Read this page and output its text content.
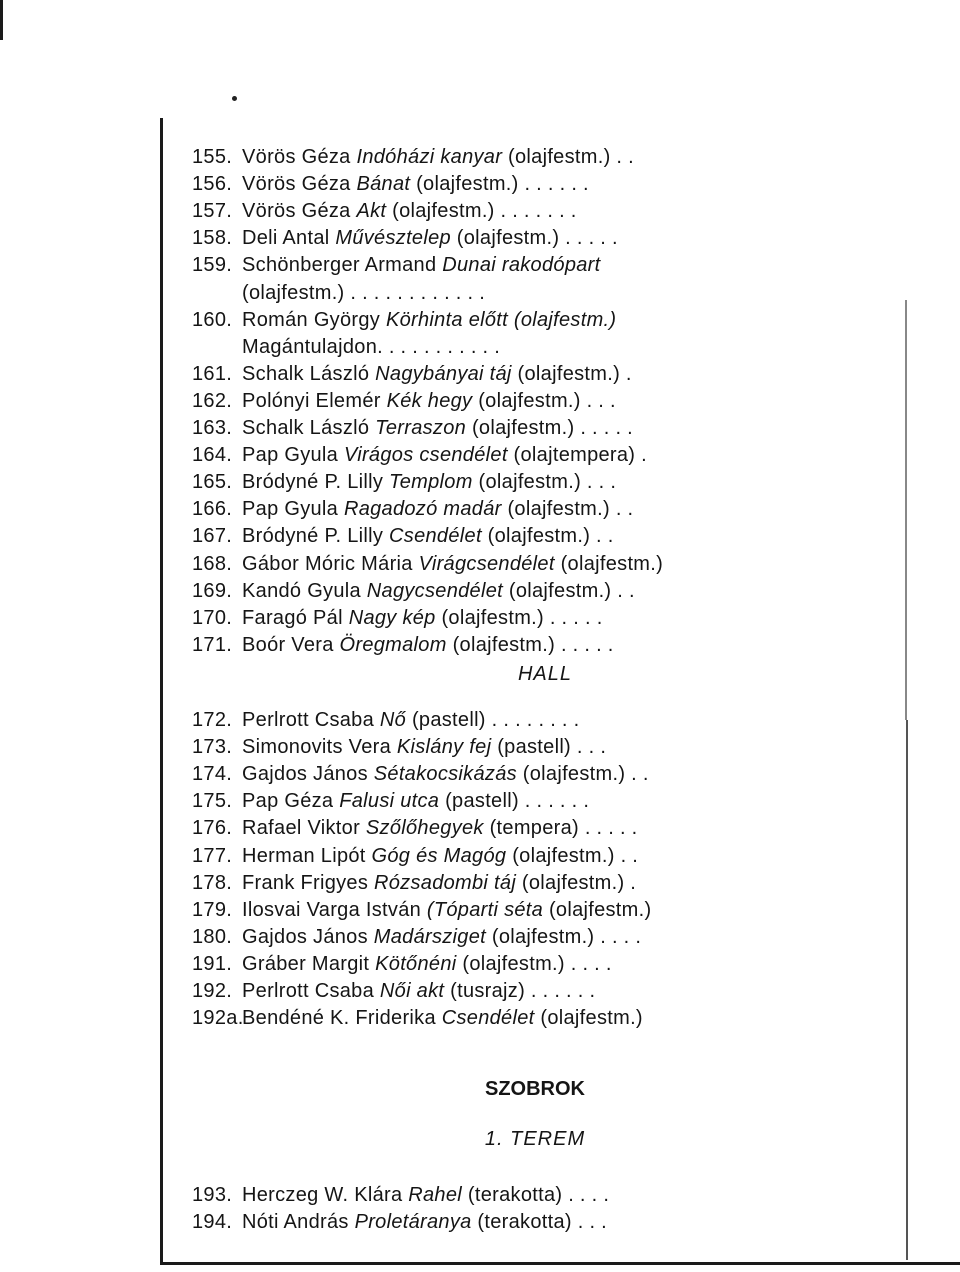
155. Vörös Géza Indóházi kanyar (olajfestm.) . .
156. Vörös Géza Bánat (olajfestm.) . . . . . .
157. Vörös Géza Akt (olajfestm.) . . . . . . .
158. Deli Antal Művésztelep (olajfestm.) . . . . .
159. Schönberger Armand Dunai rakodópart
(olajfestm.) . . . . . . . . . . . .
160. Román György Körhinta előtt (olajfestm.)
Magántulajdon. . . . . . . . . . .
161. Schalk László Nagybányai táj (olajfestm.) .
162. Polónyi Elemér Kék hegy (olajfestm.) . . .
163. Schalk László Terraszon (olajfestm.) . . . . .
164. Pap Gyula Virágos csendélet (olajtempera) .
165. Bródyné P. Lilly Templom (olajfestm.) . . .
166. Pap Gyula Ragadozó madár (olajfestm.) . .
167. Bródyné P. Lilly Csendélet (olajfestm.) . .
168. Gábor Móric Mária Virágcsendélet (olajfestm.)
169. Kandó Gyula Nagycsendélet (olajfestm.) . .
170. Faragó Pál Nagy kép (olajfestm.) . . . . .
171. Boór Vera Öregmalom (olajfestm.) . . . . .
HALL
172. Perlrott Csaba Nő (pastell) . . . . . . . .
173. Simonovits Vera Kislány fej (pastell) . . .
174. Gajdos János Sétakocsikázás (olajfestm.) . .
175. Pap Géza Falusi utca (pastell) . . . . . .
176. Rafael Viktor Szőlőhegyek (tempera) . . . . .
177. Herman Lipót Góg és Magóg (olajfestm.) . .
178. Frank Frigyes Rózsadombi táj (olajfestm.) .
179. Ilosvai Varga István (Tóparti séta (olajfestm.)
180. Gajdos János Madársziget (olajfestm.) . . . .
191. Gráber Margit Kötőnéni (olajfestm.) . . . .
192. Perlrott Csaba Női akt (tusrajz) . . . . . .
192a.Bendéné K. Friderika Csendélet (olajfestm.)
SZOBROK
1. TEREM
193. Herczeg W. Klára Rahel (terakotta) . . . .
194. Nóti András Proletáranya (terakotta) . . .
